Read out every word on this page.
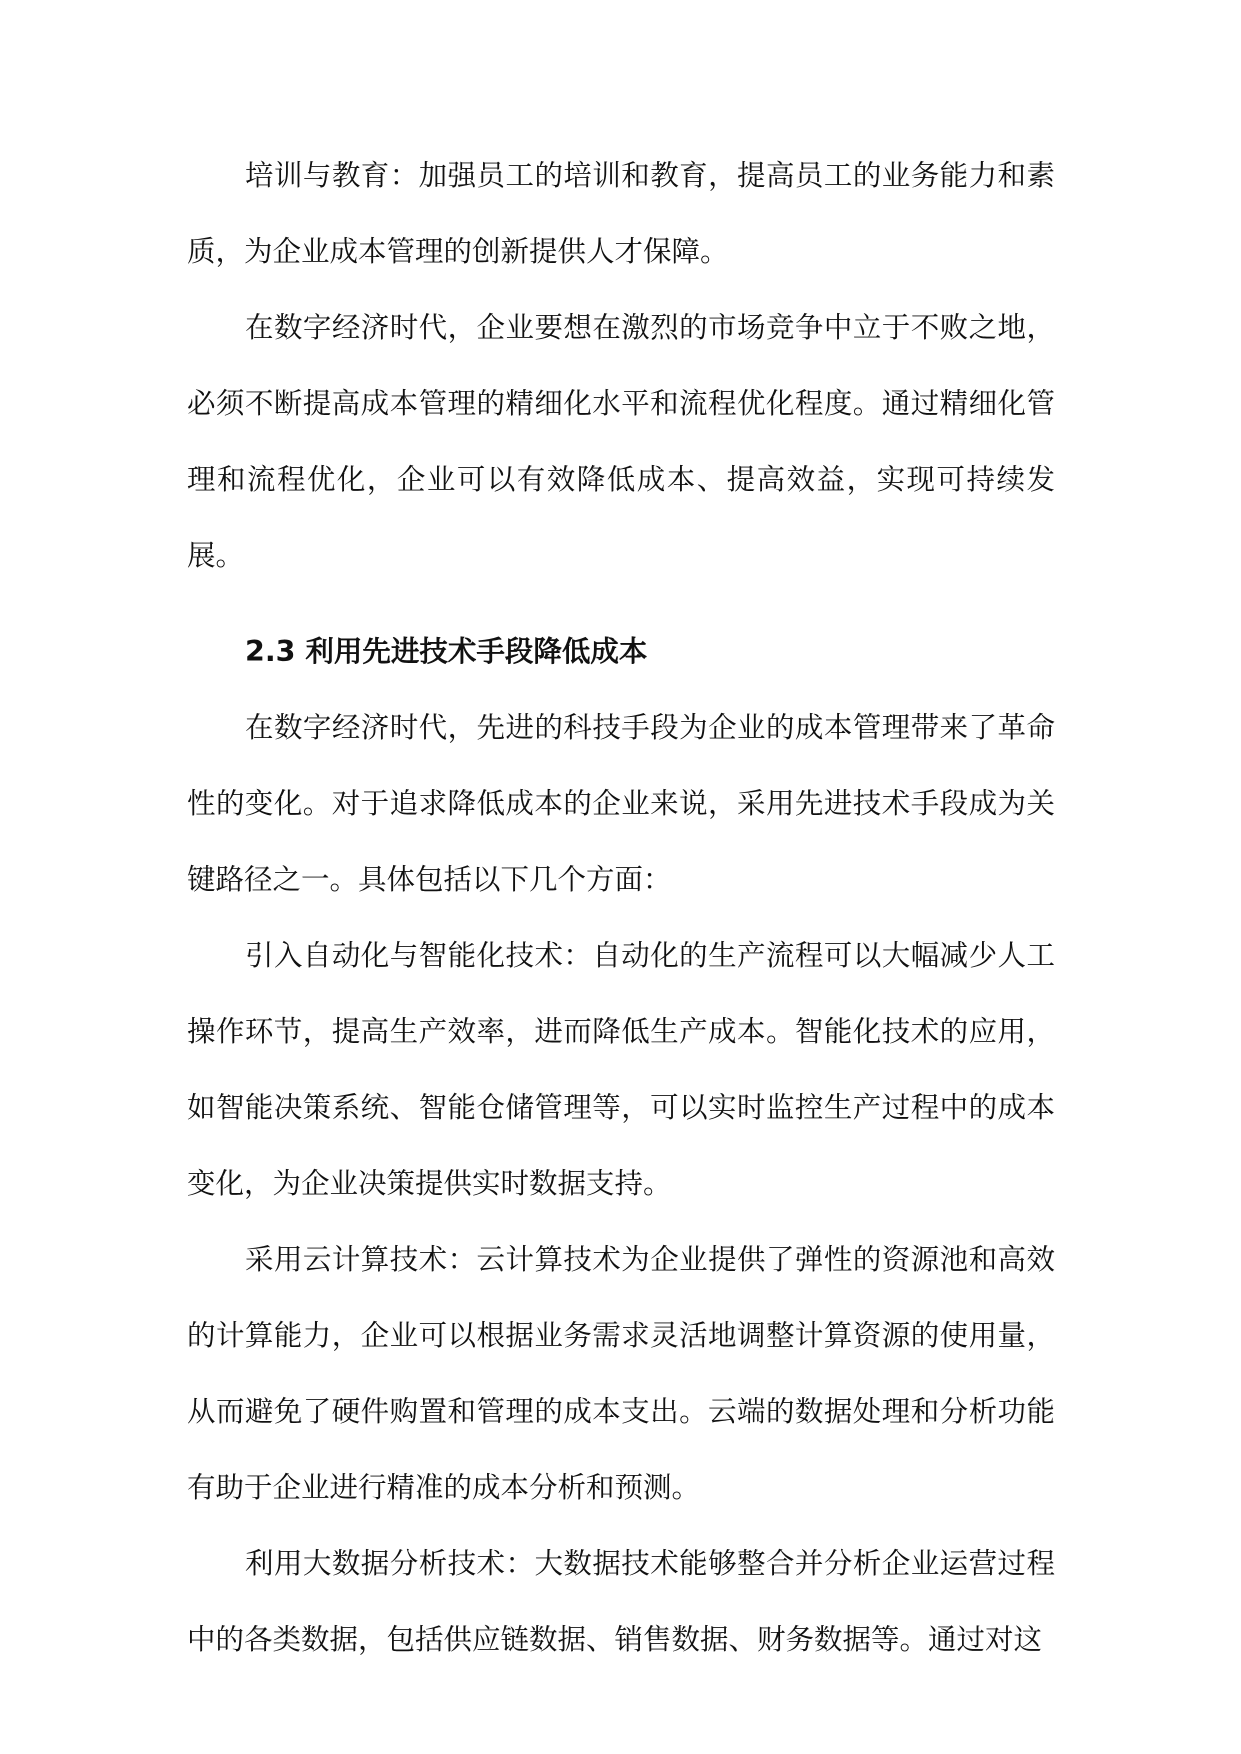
培训与教育：加强员工的培训和教育，提高员工的业务能力和素质，为企业成本管理的创新提供人才保障。

在数字经济时代，企业要想在激烈的市场竞争中立于不败之地，必须不断提高成本管理的精细化水平和流程优化程度。通过精细化管理和流程优化，企业可以有效降低成本、提高效益，实现可持续发展。

2.3 利用先进技术手段降低成本

在数字经济时代，先进的科技手段为企业的成本管理带来了革命性的变化。对于追求降低成本的企业来说，采用先进技术手段成为关键路径之一。具体包括以下几个方面：

引入自动化与智能化技术：自动化的生产流程可以大幅减少人工操作环节，提高生产效率，进而降低生产成本。智能化技术的应用，如智能决策系统、智能仓储管理等，可以实时监控生产过程中的成本变化，为企业决策提供实时数据支持。

采用云计算技术：云计算技术为企业提供了弹性的资源池和高效的计算能力，企业可以根据业务需求灵活地调整计算资源的使用量，从而避免了硬件购置和管理的成本支出。云端的数据处理和分析功能有助于企业进行精准的成本分析和预测。

利用大数据分析技术：大数据技术能够整合并分析企业运营过程中的各类数据，包括供应链数据、销售数据、财务数据等。通过对这
